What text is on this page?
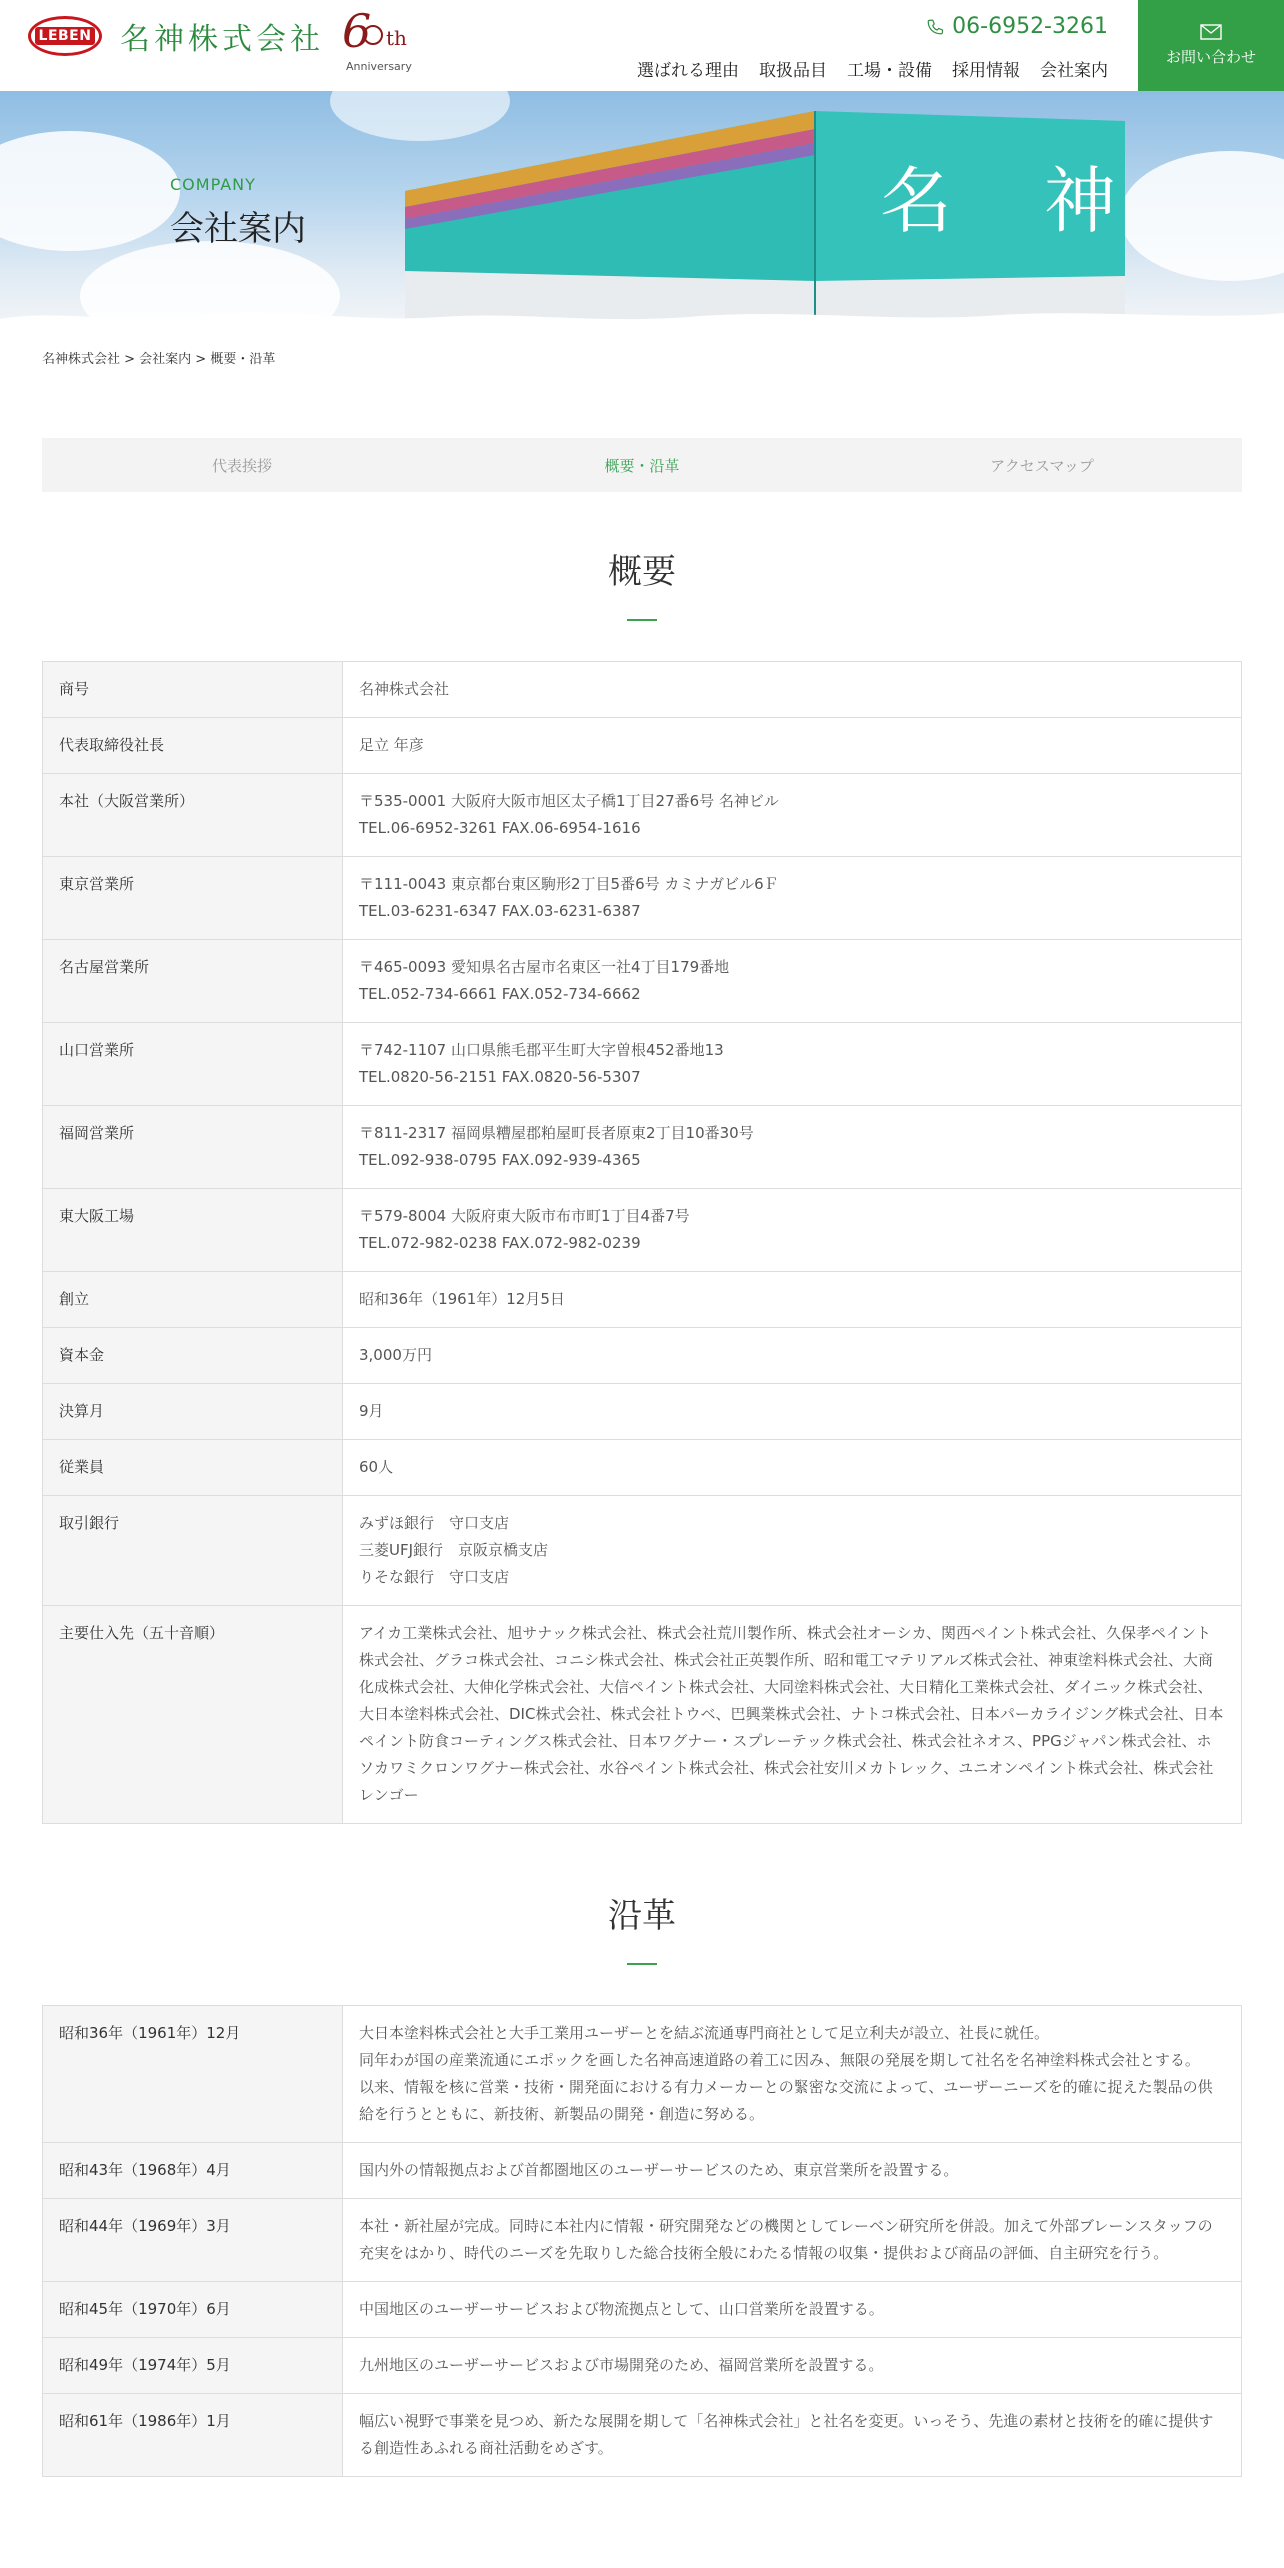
LEBEN 名神株式会社 6 th
Anniversary
06-6952-3261
選ばれる理由 取扱品目 工場・設備 採用情報 会社案内
お問い合わせ
名　神
COMPANY
会社案内
名神株式会社 > 会社案内 > 概要・沿革
代表挨拶	概要・沿革	アクセスマップ
概要
商号	名神株式会社

代表取締役社長	足立 年彦

本社（大阪営業所）	〒535-0001 大阪府大阪市旭区太子橋1丁目27番6号 名神ビル
TEL.06-6952-3261 FAX.06-6954-1616

東京営業所	〒111-0043 東京都台東区駒形2丁目5番6号 カミナガビル6Ｆ
TEL.03-6231-6347 FAX.03-6231-6387

名古屋営業所	〒465-0093 愛知県名古屋市名東区一社4丁目179番地
TEL.052-734-6661 FAX.052-734-6662

山口営業所	〒742-1107 山口県熊毛郡平生町大字曽根452番地13
TEL.0820-56-2151 FAX.0820-56-5307

福岡営業所	〒811-2317 福岡県糟屋郡粕屋町長者原東2丁目10番30号
TEL.092-938-0795 FAX.092-939-4365

東大阪工場	〒579-8004 大阪府東大阪市布市町1丁目4番7号
TEL.072-982-0238 FAX.072-982-0239

創立	昭和36年（1961年）12月5日

資本金	3,000万円

決算月	9月

従業員	60人

取引銀行	みずほ銀行　守口支店
三菱UFJ銀行　京阪京橋支店
りそな銀行　守口支店

主要仕入先（五十音順）	アイカ工業株式会社、旭サナック株式会社、株式会社荒川製作所、株式会社オーシカ、関西ペイント株式会社、久保孝ペイント株式会社、グラコ株式会社、コニシ株式会社、株式会社正英製作所、昭和電工マテリアルズ株式会社、神東塗料株式会社、大商化成株式会社、大伸化学株式会社、大信ペイント株式会社、大同塗料株式会社、大日精化工業株式会社、ダイニック株式会社、大日本塗料株式会社、DIC株式会社、株式会社トウベ、巴興業株式会社、ナトコ株式会社、日本パーカライジング株式会社、日本ペイント防食コーティングス株式会社、日本ワグナー・スプレーテック株式会社、株式会社ネオス、PPGジャパン株式会社、ホソカワミクロンワグナー株式会社、水谷ペイント株式会社、株式会社安川メカトレック、ユニオンペイント株式会社、株式会社レンゴー
沿革
昭和36年（1961年）12月	大日本塗料株式会社と大手工業用ユーザーとを結ぶ流通専門商社として足立利夫が設立、社長に就任。
同年わが国の産業流通にエポックを画した名神高速道路の着工に因み、無限の発展を期して社名を名神塗料株式会社とする。
以来、情報を核に営業・技術・開発面における有力メーカーとの緊密な交流によって、ユーザーニーズを的確に捉えた製品の供給を行うとともに、新技術、新製品の開発・創造に努める。

昭和43年（1968年）4月	国内外の情報拠点および首都圏地区のユーザーサービスのため、東京営業所を設置する。

昭和44年（1969年）3月	本社・新社屋が完成。同時に本社内に情報・研究開発などの機関としてレーベン研究所を併設。加えて外部ブレーンスタッフの充実をはかり、時代のニーズを先取りした総合技術全般にわたる情報の収集・提供および商品の評価、自主研究を行う。

昭和45年（1970年）6月	中国地区のユーザーサービスおよび物流拠点として、山口営業所を設置する。

昭和49年（1974年）5月	九州地区のユーザーサービスおよび市場開発のため、福岡営業所を設置する。

昭和61年（1986年）1月	幅広い視野で事業を見つめ、新たな展開を期して「名神株式会社」と社名を変更。いっそう、先進の素材と技術を的確に提供する創造性あふれる商社活動をめざす。
